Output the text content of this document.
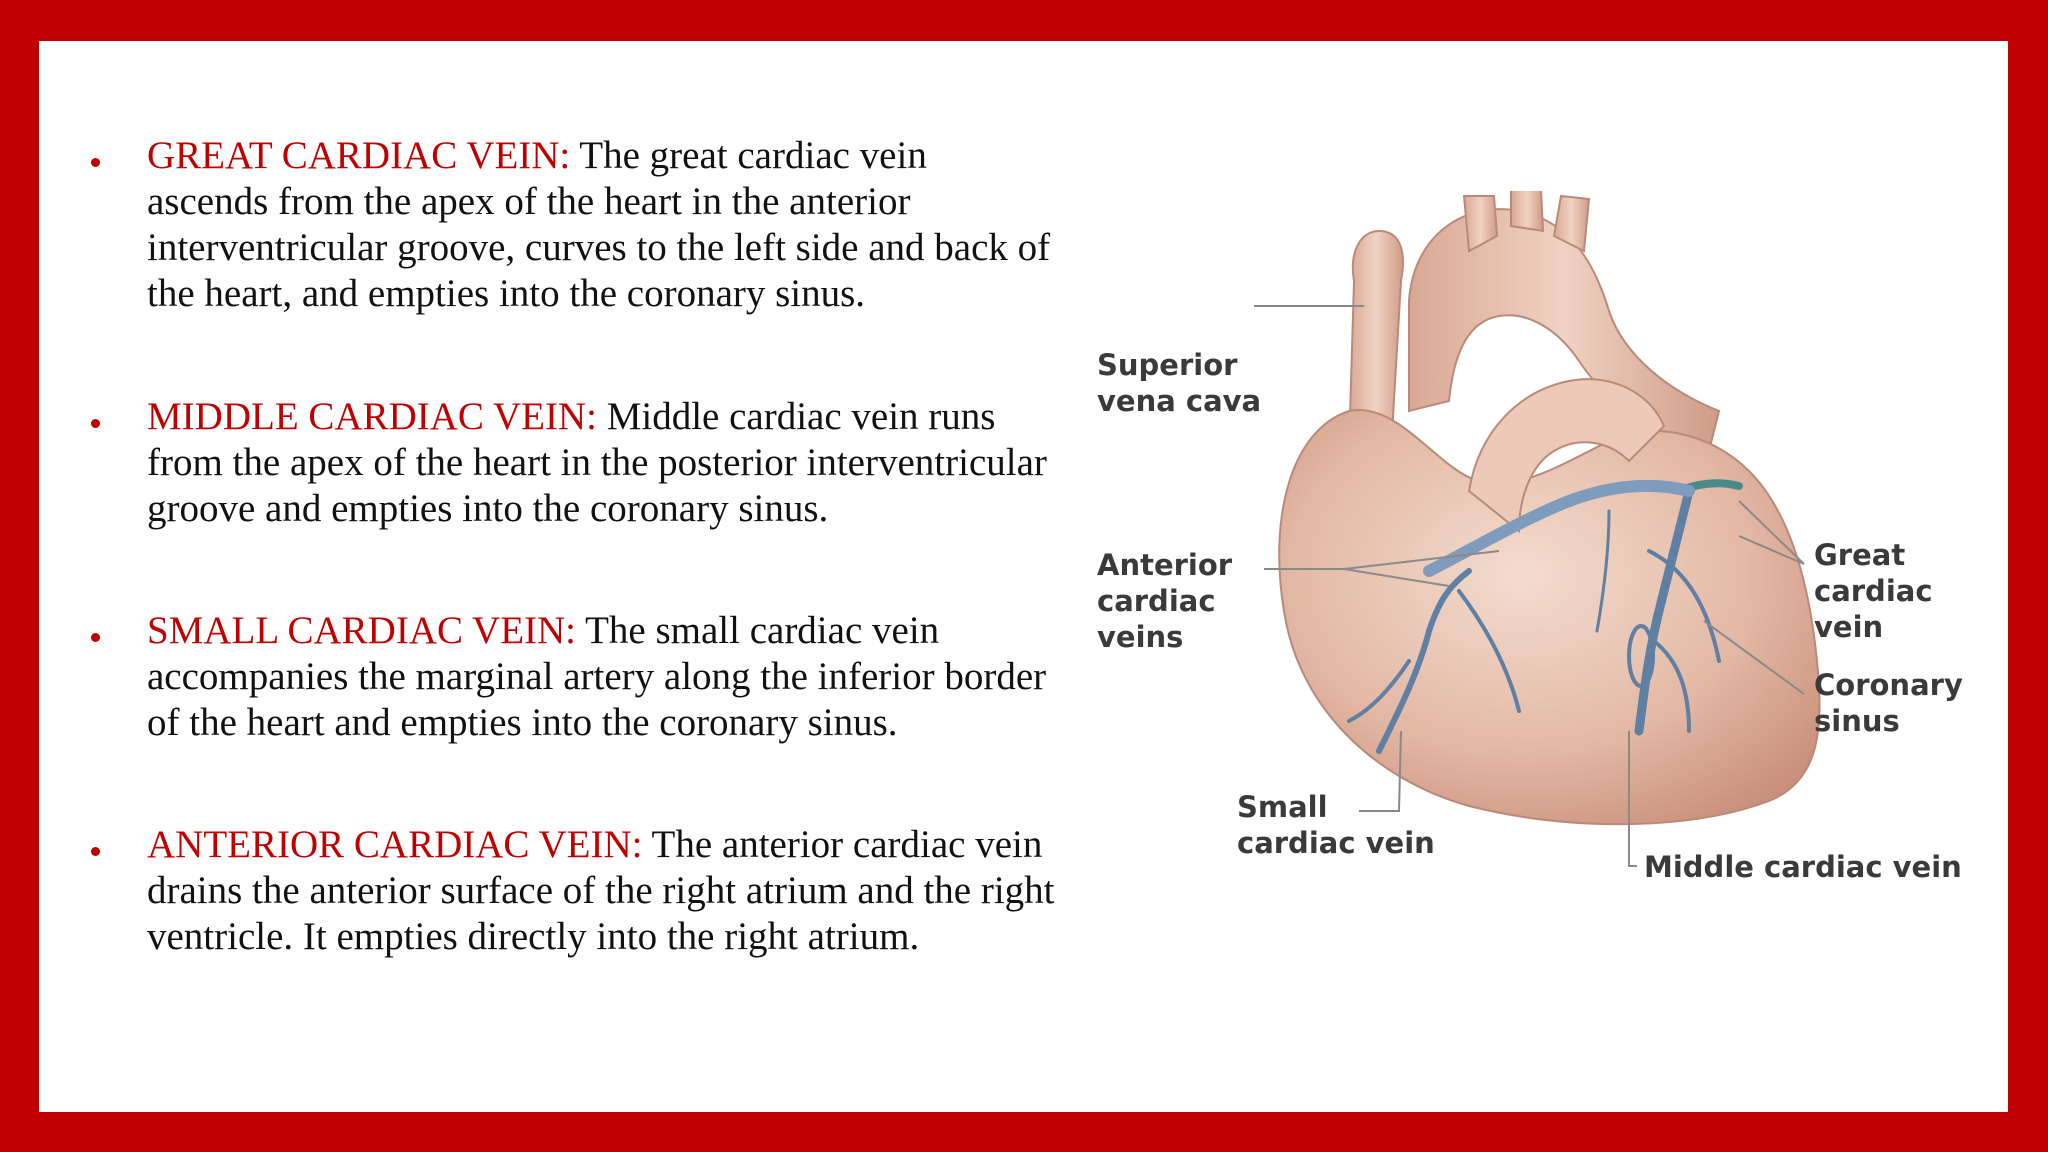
GREAT CARDIAC VEIN: The great cardiac vein ascends from the apex of the heart in the anterior interventricular groove, curves to the left side and back of the heart, and empties into the coronary sinus.

MIDDLE CARDIAC VEIN: Middle cardiac vein runs from the apex of the heart in the posterior interventricular groove and empties into the coronary sinus.

SMALL CARDIAC VEIN: The small cardiac vein accompanies the marginal artery along the inferior border of the heart and empties into the coronary sinus.

ANTERIOR CARDIAC VEIN: The anterior cardiac vein drains the anterior surface of the right atrium and the right ventricle. It empties directly into the right atrium.

Superior
vena cava
Anterior
cardiac
veins
Great
cardiac
vein
Coronary
sinus
Small
cardiac vein
Middle cardiac vein
